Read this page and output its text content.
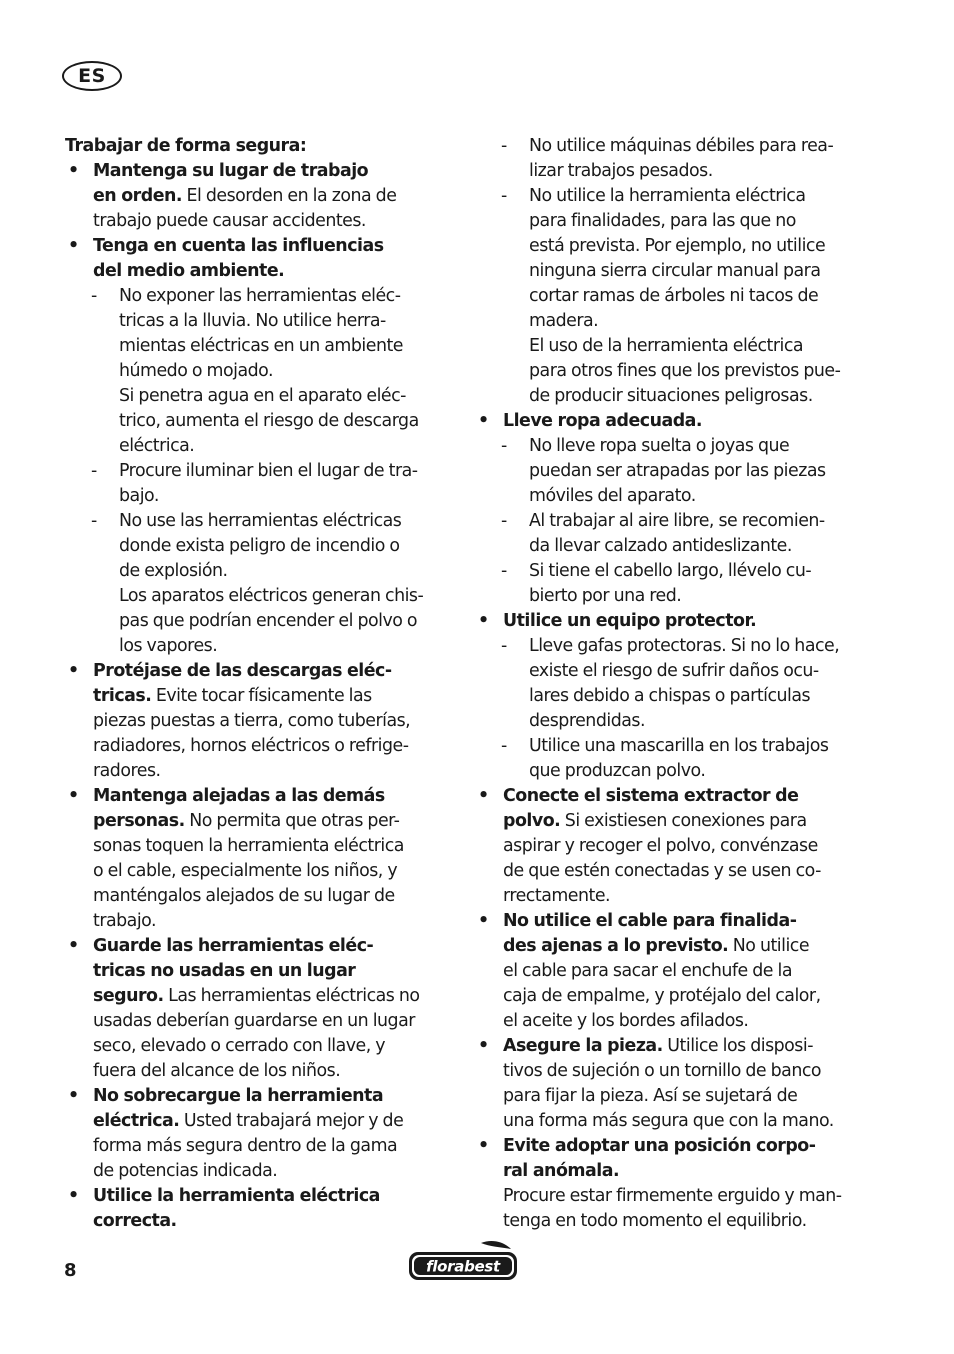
ES
Trabajar de forma segura:
• Mantenga su lugar de trabajo
en orden. El desorden en la zona de
trabajo puede causar accidentes.
• Tenga en cuenta las influencias
del medio ambiente.
- No exponer las herramientas eléc-
tricas a la lluvia. No utilice herra-
mientas eléctricas en un ambiente
húmedo o mojado.
Si penetra agua en el aparato eléc-
trico, aumenta el riesgo de descarga
eléctrica.
- Procure iluminar bien el lugar de tra-
bajo.
- No use las herramientas eléctricas
donde exista peligro de incendio o
de explosión.
Los aparatos eléctricos generan chis-
pas que podrían encender el polvo o
los vapores.
• Protéjase de las descargas eléc-
tricas. Evite tocar físicamente las
piezas puestas a tierra, como tuberías,
radiadores, hornos eléctricos o refrige-
radores.
• Mantenga alejadas a las demás
personas. No permita que otras per-
sonas toquen la herramienta eléctrica
o el cable, especialmente los niños, y
manténgalos alejados de su lugar de
trabajo.
• Guarde las herramientas eléc-
tricas no usadas en un lugar
seguro. Las herramientas eléctricas no
usadas deberían guardarse en un lugar
seco, elevado o cerrado con llave, y
fuera del alcance de los niños.
• No sobrecargue la herramienta
eléctrica. Usted trabajará mejor y de
forma más segura dentro de la gama
de potencias indicada.
• Utilice la herramienta eléctrica
correcta.
- No utilice máquinas débiles para rea-
lizar trabajos pesados.
- No utilice la herramienta eléctrica
para finalidades, para las que no
está prevista. Por ejemplo, no utilice
ninguna sierra circular manual para
cortar ramas de árboles ni tacos de
madera.
El uso de la herramienta eléctrica
para otros fines que los previstos pue-
de producir situaciones peligrosas.
• Lleve ropa adecuada.
- No lleve ropa suelta o joyas que
puedan ser atrapadas por las piezas
móviles del aparato.
- Al trabajar al aire libre, se recomien-
da llevar calzado antideslizante.
- Si tiene el cabello largo, llévelo cu-
bierto por una red.
• Utilice un equipo protector.
- Lleve gafas protectoras. Si no lo hace,
existe el riesgo de sufrir daños ocu-
lares debido a chispas o partículas
desprendidas.
- Utilice una mascarilla en los trabajos
que produzcan polvo.
• Conecte el sistema extractor de
polvo. Si existiesen conexiones para
aspirar y recoger el polvo, convénzase
de que estén conectadas y se usen co-
rrectamente.
• No utilice el cable para finalida-
des ajenas a lo previsto. No utilice
el cable para sacar el enchufe de la
caja de empalme, y protéjalo del calor,
el aceite y los bordes afilados.
• Asegure la pieza. Utilice los disposi-
tivos de sujeción o un tornillo de banco
para fijar la pieza. Así se sujetará de
una forma más segura que con la mano.
• Evite adoptar una posición corpo-
ral anómala.
Procure estar firmemente erguido y man-
tenga en todo momento el equilibrio.
8	florabest
